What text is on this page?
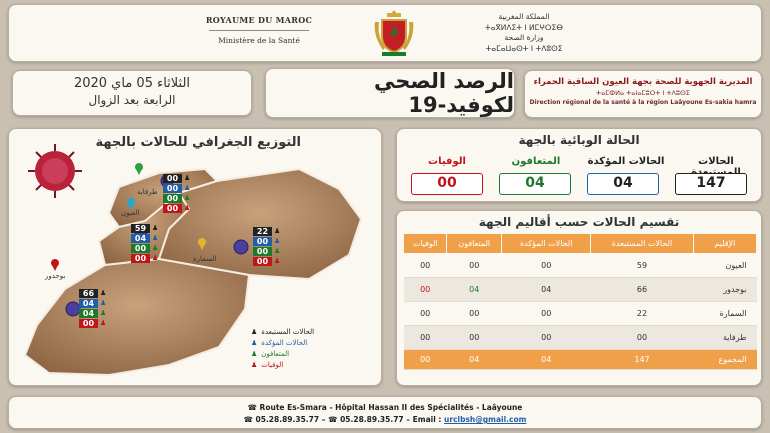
ROYAUME DU MAROC
Ministère de la Santé
المملكة المغربية
ⵜⴰⴳⵍⴷⵉⵜ ⵏ ⵍⵎⵖⵔⵉⴱ
وزارة الصحة
ⵜⴰⵎⴰⵡⴰⵙⵜ ⵏ ⵜⴷⵓⵙⵉ
الثلاثاء 05 ماي 2020
الرابعة بعد الزوال
الرصد الصحي لكوفيد-19
المديرية الجهوية للصحة بجهة العيون الساقية الحمراء
ⵜⴰⵎⵀⵍⴰ ⵜⴰⵏⴰⵎⵓⵔⵜ ⵏ ⵜⴷⵓⵙⵉ
Direction régional de la santé à la région Laâyoune Es-sakia hamra
التوزيع الجغرافي للحالات بالجهة
طرفاية
العيون
السمارة
بوجدور
00 ♟
00 ♟
00 ♟
00 ♟
59 ♟
04 ♟
00 ♟
00 ♟
22 ♟
00 ♟
00 ♟
00 ♟
66 ♟
04 ♟
04 ♟
00 ♟
الحالات المستبعدة
♟
الحالات المؤكدة
♟
المتعافون
♟
الوفيات
♟
الحالة الوبائية بالجهة
الحالات
الحالات المؤكدة
المتعافون
الوفيات
147
04
04
00
تقسيم الحالات حسب أقاليم الجهة
الإقليم	الحالات المستبعدة	الحالات المؤكدة	المتعافون	الوفيات
العيون	59	00	00	00
بوجدور	66	04	04	00
السمارة	22	00	00	00
طرفاية	00	00	00	00
المجموع	147	04	04	00
☎ Route Es-Smara - Hôpital Hassan II des Spécialités - Laâyoune
☎ 05.28.89.35.77 – ☎ 05.28.89.35.77 – Email : urclbsh@gmail.com
